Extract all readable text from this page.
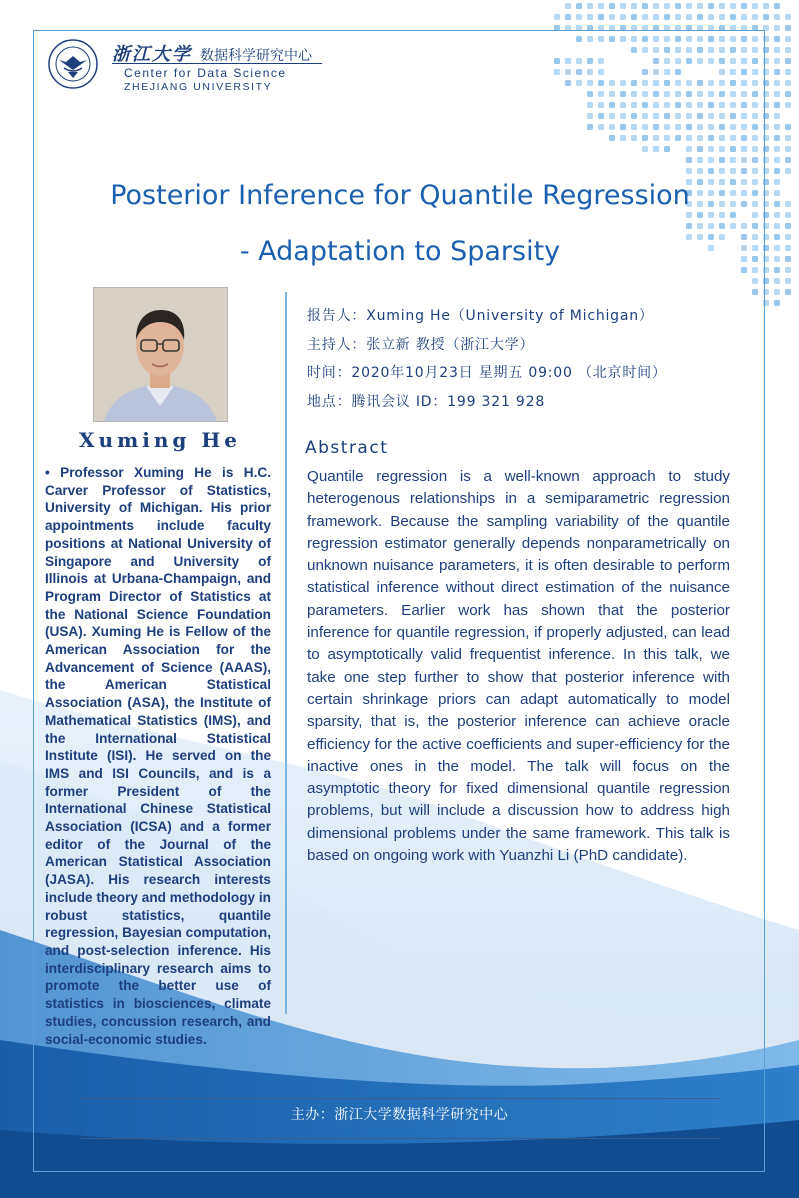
浙江大学 数据科学研究中心
Center for Data Science
ZHEJIANG UNIVERSITY
Posterior Inference for Quantile Regression
- Adaptation to Sparsity
Xuming He
• Professor Xuming He is H.C. Carver Professor of Statistics, University of Michigan. His prior appointments include faculty positions at National University of Singapore and University of Illinois at Urbana-Champaign, and Program Director of Statistics at the National Science Foundation (USA). Xuming He is Fellow of the American Association for the Advancement of Science (AAAS), the American Statistical Association (ASA), the Institute of Mathematical Statistics (IMS), and the International Statistical Institute (ISI). He served on the IMS and ISI Councils, and is a former President of the International Chinese Statistical Association (ICSA) and a former editor of the Journal of the American Statistical Association (JASA). His research interests include theory and methodology in robust statistics, quantile regression, Bayesian computation, and post-selection inference. His interdisciplinary research aims to promote the better use of statistics in biosciences, climate studies, concussion research, and social-economic studies.
报告人：Xuming He（University of Michigan）
主持人：张立新 教授（浙江大学）
时间：2020年10月23日 星期五 09:00 （北京时间）
地点：腾讯会议 ID：199 321 928
Abstract
Quantile regression is a well-known approach to study heterogenous relationships in a semiparametric regression framework. Because the sampling variability of the quantile regression estimator generally depends nonparametrically on unknown nuisance parameters, it is often desirable to perform statistical inference without direct estimation of the nuisance parameters. Earlier work has shown that the posterior inference for quantile regression, if properly adjusted, can lead to asymptotically valid frequentist inference. In this talk, we take one step further to show that posterior inference with certain shrinkage priors can adapt automatically to model sparsity, that is, the posterior inference can achieve oracle efficiency for the active coefficients and super-efficiency for the inactive ones in the model. The talk will focus on the asymptotic theory for fixed dimensional quantile regression problems, but will include a discussion how to address high dimensional problems under the same framework. This talk is based on ongoing work with Yuanzhi Li (PhD candidate).
主办：浙江大学数据科学研究中心
